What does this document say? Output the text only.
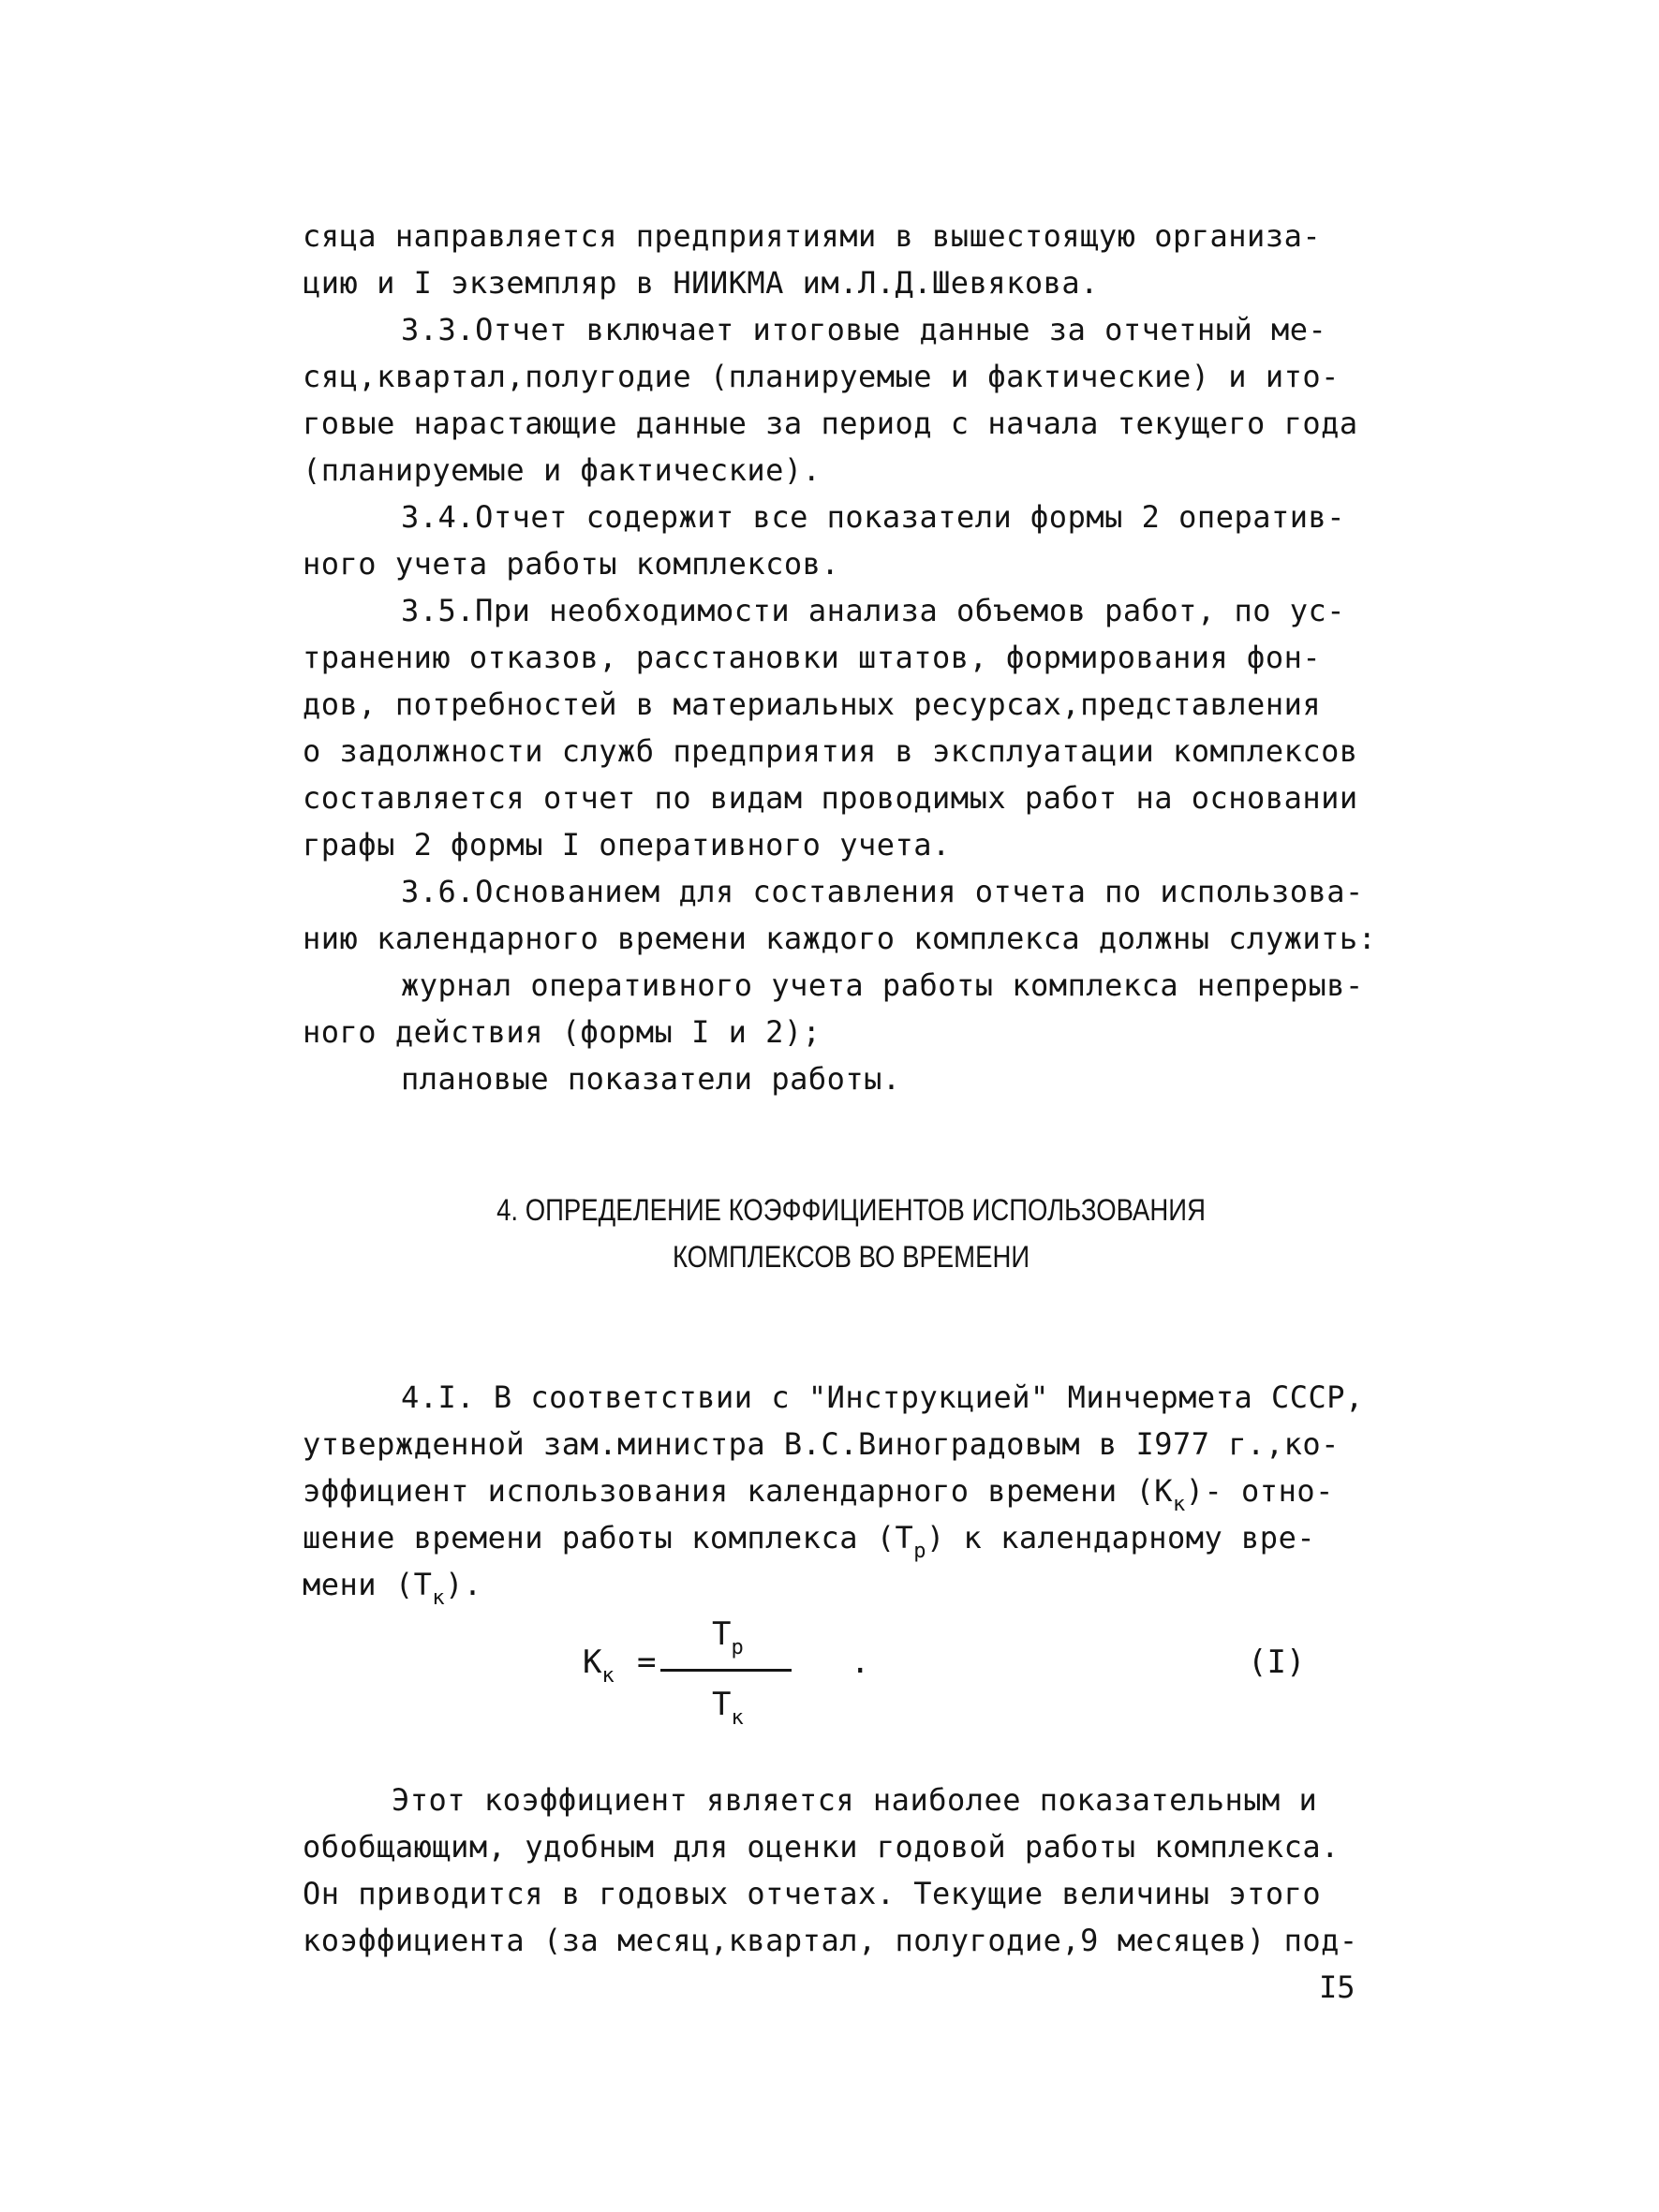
сяца направляется предприятиями в вышестоящую организа-
цию и I экземпляр в НИИКМА им.Л.Д.Шевякова.
3.3.Отчет включает итоговые данные за отчетный ме-
сяц,квартал,полугодие (планируемые и фактические) и ито-
говые нарастающие данные за период с начала текущего года
(планируемые и фактические).
3.4.Отчет содержит все показатели формы 2 оператив-
ного учета работы комплексов.
3.5.При необходимости анализа объемов работ, по ус-
транению отказов, расстановки штатов, формирования фон-
дов, потребностей в материальных ресурсах,представления
о задолжности служб предприятия в эксплуатации комплексов
составляется отчет по видам проводимых работ на основании
графы 2 формы I оперативного учета.
3.6.Основанием для составления отчета по использова-
нию календарного времени каждого комплекса должны служить:
журнал оперативного учета работы комплекса непрерыв-
ного действия (формы I и 2);
плановые показатели работы.
4. ОПРЕДЕЛЕНИЕ КОЭФФИЦИЕНТОВ ИСПОЛЬЗОВАНИЯ
КОМПЛЕКСОВ ВО ВРЕМЕНИ
4.I. В соответствии с "Инструкцией" Минчермета СССР,
утвержденной зам.министра В.С.Виноградовым в I977 г.,ко-
эффициент использования календарного времени $(K_к)-$ отно-
шение времени работы комплекса $(T_р)$ к календарному вре-
мени $(T_к)$.
$K_к$ =
$T_р$
$T_к$
.	(I)
Этот коэффициент является наиболее показательным и
обобщающим, удобным для оценки годовой работы комплекса.
Он приводится в годовых отчетах. Текущие величины этого
коэффициента (за месяц,квартал, полугодие,9 месяцев) под-
I5
